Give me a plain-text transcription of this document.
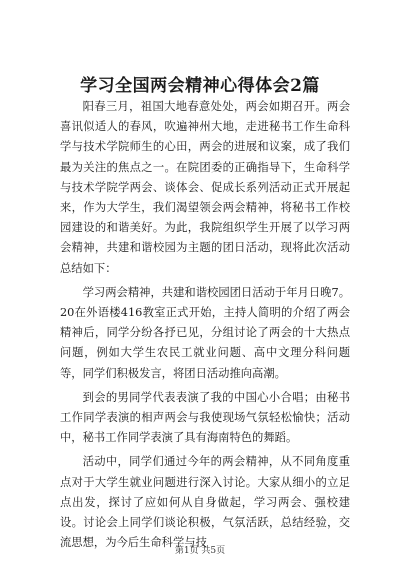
学习全国两会精神心得体会2篇

阳春三月，祖国大地春意处处，两会如期召开。两会喜讯似适人的春风，吹遍神州大地，走进秘书工作生命科学与技术学院师生的心田，两会的进展和议案，成了我们最为关注的焦点之一。在院团委的正确指导下，生命科学与技术学院学两会、谈体会、促成长系列活动正式开展起来，作为大学生，我们渴望领会两会精神，将秘书工作校园建设的和谐美好。为此，我院组织学生开展了以学习两会精神，共建和谐校园为主题的团日活动，现将此次活动总结如下：

学习两会精神，共建和谐校园团日活动于年月日晚7。20在外语楼416教室正式开始，主持人简明的介绍了两会精神后，同学分纷各抒已见，分组讨论了两会的十大热点问题，例如大学生农民工就业问题、高中文理分科问题等，同学们积极发言，将团日活动推向高潮。

到会的男同学代表表演了我的中国心小合唱；由秘书工作同学表演的相声两会与我使现场气氛轻松愉快；活动中，秘书工作同学表演了具有海南特色的舞蹈。

活动中，同学们通过今年的两会精神，从不同角度重点对于大学生就业问题进行深入讨论。大家从细小的立足点出发，探讨了应如何从自身做起，学习两会、强校建设。讨论会上同学们谈论积极，气氛活跃，总结经验，交流思想，为今后生命科学与技

第1页 共5页
